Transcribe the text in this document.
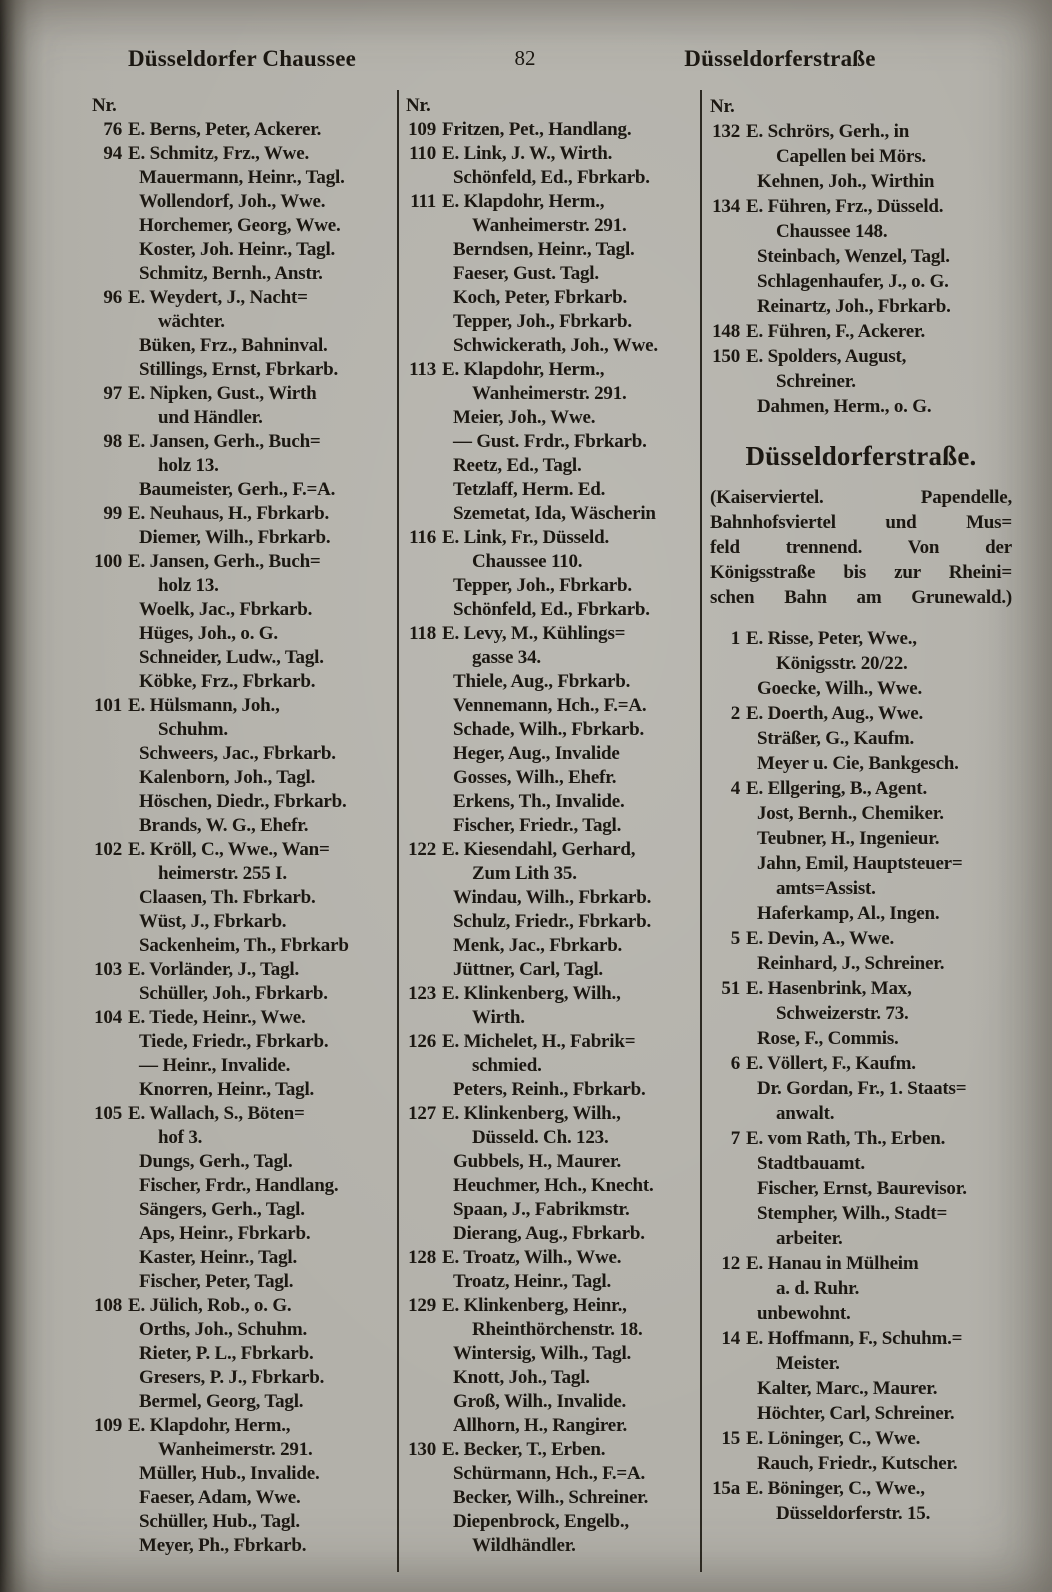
Düsseldorfer Chaussee	82	Düsseldorferstraße
Nr.
76 E. Berns, Peter, Ackerer.
94 E. Schmitz, Frz., Wwe.
Mauermann, Heinr., Tagl.
Wollendorf, Joh., Wwe.
Horchemer, Georg, Wwe.
Koster, Joh. Heinr., Tagl.
Schmitz, Bernh., Anstr.
96 E. Weydert, J., Nacht=
wächter.
Büken, Frz., Bahninval.
Stillings, Ernst, Fbrkarb.
97 E. Nipken, Gust., Wirth
und Händler.
98 E. Jansen, Gerh., Buch=
holz 13.
Baumeister, Gerh., F.=A.
99 E. Neuhaus, H., Fbrkarb.
Diemer, Wilh., Fbrkarb.
100 E. Jansen, Gerh., Buch=
holz 13.
Woelk, Jac., Fbrkarb.
Hüges, Joh., o. G.
Schneider, Ludw., Tagl.
Köbke, Frz., Fbrkarb.
101 E. Hülsmann, Joh.,
Schuhm.
Schweers, Jac., Fbrkarb.
Kalenborn, Joh., Tagl.
Höschen, Diedr., Fbrkarb.
Brands, W. G., Ehefr.
102 E. Kröll, C., Wwe., Wan=
heimerstr. 255 I.
Claasen, Th. Fbrkarb.
Wüst, J., Fbrkarb.
Sackenheim, Th., Fbrkarb
103 E. Vorländer, J., Tagl.
Schüller, Joh., Fbrkarb.
104 E. Tiede, Heinr., Wwe.
Tiede, Friedr., Fbrkarb.
— Heinr., Invalide.
Knorren, Heinr., Tagl.
105 E. Wallach, S., Böten=
hof 3.
Dungs, Gerh., Tagl.
Fischer, Frdr., Handlang.
Sängers, Gerh., Tagl.
Aps, Heinr., Fbrkarb.
Kaster, Heinr., Tagl.
Fischer, Peter, Tagl.
108 E. Jülich, Rob., o. G.
Orths, Joh., Schuhm.
Rieter, P. L., Fbrkarb.
Gresers, P. J., Fbrkarb.
Bermel, Georg, Tagl.
109 E. Klapdohr, Herm.,
Wanheimerstr. 291.
Müller, Hub., Invalide.
Faeser, Adam, Wwe.
Schüller, Hub., Tagl.
Meyer, Ph., Fbrkarb.
Nr.
109 Fritzen, Pet., Handlang.
110 E. Link, J. W., Wirth.
Schönfeld, Ed., Fbrkarb.
111 E. Klapdohr, Herm.,
Wanheimerstr. 291.
Berndsen, Heinr., Tagl.
Faeser, Gust. Tagl.
Koch, Peter, Fbrkarb.
Tepper, Joh., Fbrkarb.
Schwickerath, Joh., Wwe.
113 E. Klapdohr, Herm.,
Wanheimerstr. 291.
Meier, Joh., Wwe.
— Gust. Frdr., Fbrkarb.
Reetz, Ed., Tagl.
Tetzlaff, Herm. Ed.
Szemetat, Ida, Wäscherin
116 E. Link, Fr., Düsseld.
Chaussee 110.
Tepper, Joh., Fbrkarb.
Schönfeld, Ed., Fbrkarb.
118 E. Levy, M., Kühlings=
gasse 34.
Thiele, Aug., Fbrkarb.
Vennemann, Hch., F.=A.
Schade, Wilh., Fbrkarb.
Heger, Aug., Invalide
Gosses, Wilh., Ehefr.
Erkens, Th., Invalide.
Fischer, Friedr., Tagl.
122 E. Kiesendahl, Gerhard,
Zum Lith 35.
Windau, Wilh., Fbrkarb.
Schulz, Friedr., Fbrkarb.
Menk, Jac., Fbrkarb.
Jüttner, Carl, Tagl.
123 E. Klinkenberg, Wilh.,
Wirth.
126 E. Michelet, H., Fabrik=
schmied.
Peters, Reinh., Fbrkarb.
127 E. Klinkenberg, Wilh.,
Düsseld. Ch. 123.
Gubbels, H., Maurer.
Heuchmer, Hch., Knecht.
Spaan, J., Fabrikmstr.
Dierang, Aug., Fbrkarb.
128 E. Troatz, Wilh., Wwe.
Troatz, Heinr., Tagl.
129 E. Klinkenberg, Heinr.,
Rheinthörchenstr. 18.
Wintersig, Wilh., Tagl.
Knott, Joh., Tagl.
Groß, Wilh., Invalide.
Allhorn, H., Rangirer.
130 E. Becker, T., Erben.
Schürmann, Hch., F.=A.
Becker, Wilh., Schreiner.
Diepenbrock, Engelb.,
Wildhändler.
Nr.
132 E. Schrörs, Gerh., in
Capellen bei Mörs.
Kehnen, Joh., Wirthin
134 E. Führen, Frz., Düsseld.
Chaussee 148.
Steinbach, Wenzel, Tagl.
Schlagenhaufer, J., o. G.
Reinartz, Joh., Fbrkarb.
148 E. Führen, F., Ackerer.
150 E. Spolders, August,
Schreiner.
Dahmen, Herm., o. G.
Düsseldorferstraße.
(Kaiserviertel. Papendelle,
Bahnhofsviertel und Mus=
feld trennend. Von der
Königsstraße bis zur Rheini=
schen Bahn am Grunewald.)
1 E. Risse, Peter, Wwe.,
Königsstr. 20/22.
Goecke, Wilh., Wwe.
2 E. Doerth, Aug., Wwe.
Sträßer, G., Kaufm.
Meyer u. Cie, Bankgesch.
4 E. Ellgering, B., Agent.
Jost, Bernh., Chemiker.
Teubner, H., Ingenieur.
Jahn, Emil, Hauptsteuer=
amts=Assist.
Haferkamp, Al., Ingen.
5 E. Devin, A., Wwe.
Reinhard, J., Schreiner.
51 E. Hasenbrink, Max,
Schweizerstr. 73.
Rose, F., Commis.
6 E. Völlert, F., Kaufm.
Dr. Gordan, Fr., 1. Staats=
anwalt.
7 E. vom Rath, Th., Erben.
Stadtbauamt.
Fischer, Ernst, Baurevisor.
Stempher, Wilh., Stadt=
arbeiter.
12 E. Hanau in Mülheim
a. d. Ruhr.
unbewohnt.
14 E. Hoffmann, F., Schuhm.=
Meister.
Kalter, Marc., Maurer.
Höchter, Carl, Schreiner.
15 E. Löninger, C., Wwe.
Rauch, Friedr., Kutscher.
15a E. Böninger, C., Wwe.,
Düsseldorferstr. 15.
